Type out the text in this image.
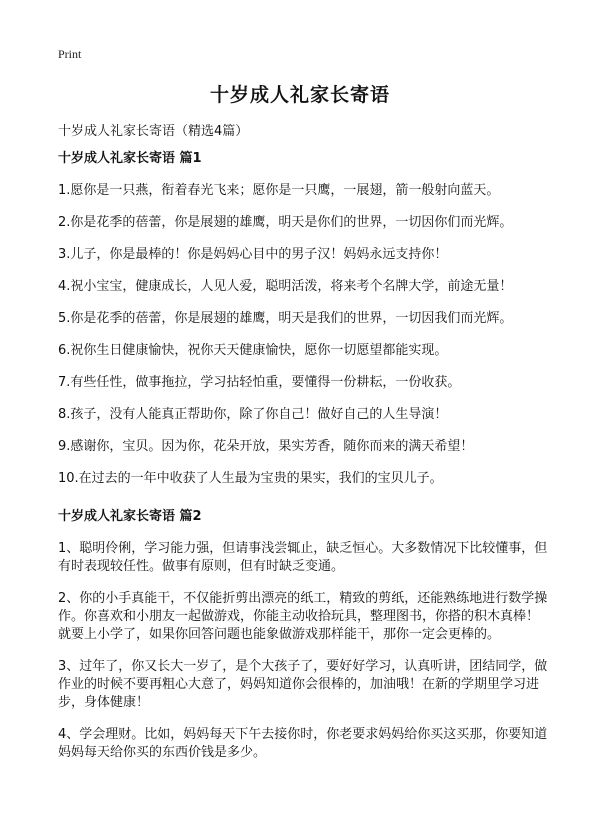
Print
十岁成人礼家长寄语
十岁成人礼家长寄语（精选4篇）
十岁成人礼家长寄语 篇1
1.愿你是一只燕，衔着春光飞来；愿你是一只鹰，一展翅，箭一般射向蓝天。
2.你是花季的蓓蕾，你是展翅的雄鹰，明天是你们的世界，一切因你们而光辉。
3.儿子，你是最棒的！你是妈妈心目中的男子汉！妈妈永远支持你！
4.祝小宝宝，健康成长，人见人爱，聪明活泼，将来考个名牌大学，前途无量！
5.你是花季的蓓蕾，你是展翅的雄鹰，明天是我们的世界，一切因我们而光辉。
6.祝你生日健康愉快，祝你天天健康愉快，愿你一切愿望都能实现。
7.有些任性，做事拖拉，学习拈轻怕重，要懂得一份耕耘，一份收获。
8.孩子，没有人能真正帮助你，除了你自己！做好自己的人生导演！
9.感谢你，宝贝。因为你，花朵开放，果实芳香，随你而来的满天希望！
10.在过去的一年中收获了人生最为宝贵的果实，我们的宝贝儿子。
十岁成人礼家长寄语 篇2
1、聪明伶俐，学习能力强，但请事浅尝辄止，缺乏恒心。大多数情况下比较懂事，但有时表现较任性。做事有原则，但有时缺乏变通。
2、你的小手真能干，不仅能折剪出漂亮的纸工，精致的剪纸，还能熟练地进行数学操作。你喜欢和小朋友一起做游戏，你能主动收拾玩具，整理图书，你搭的积木真棒！就要上小学了，如果你回答问题也能象做游戏那样能干，那你一定会更棒的。
3、过年了，你又长大一岁了，是个大孩子了，要好好学习，认真听讲，团结同学，做作业的时候不要再粗心大意了，妈妈知道你会很棒的，加油哦！在新的学期里学习进步，身体健康！
4、学会理财。比如，妈妈每天下午去接你时，你老要求妈妈给你买这买那，你要知道妈妈每天给你买的东西价钱是多少。
